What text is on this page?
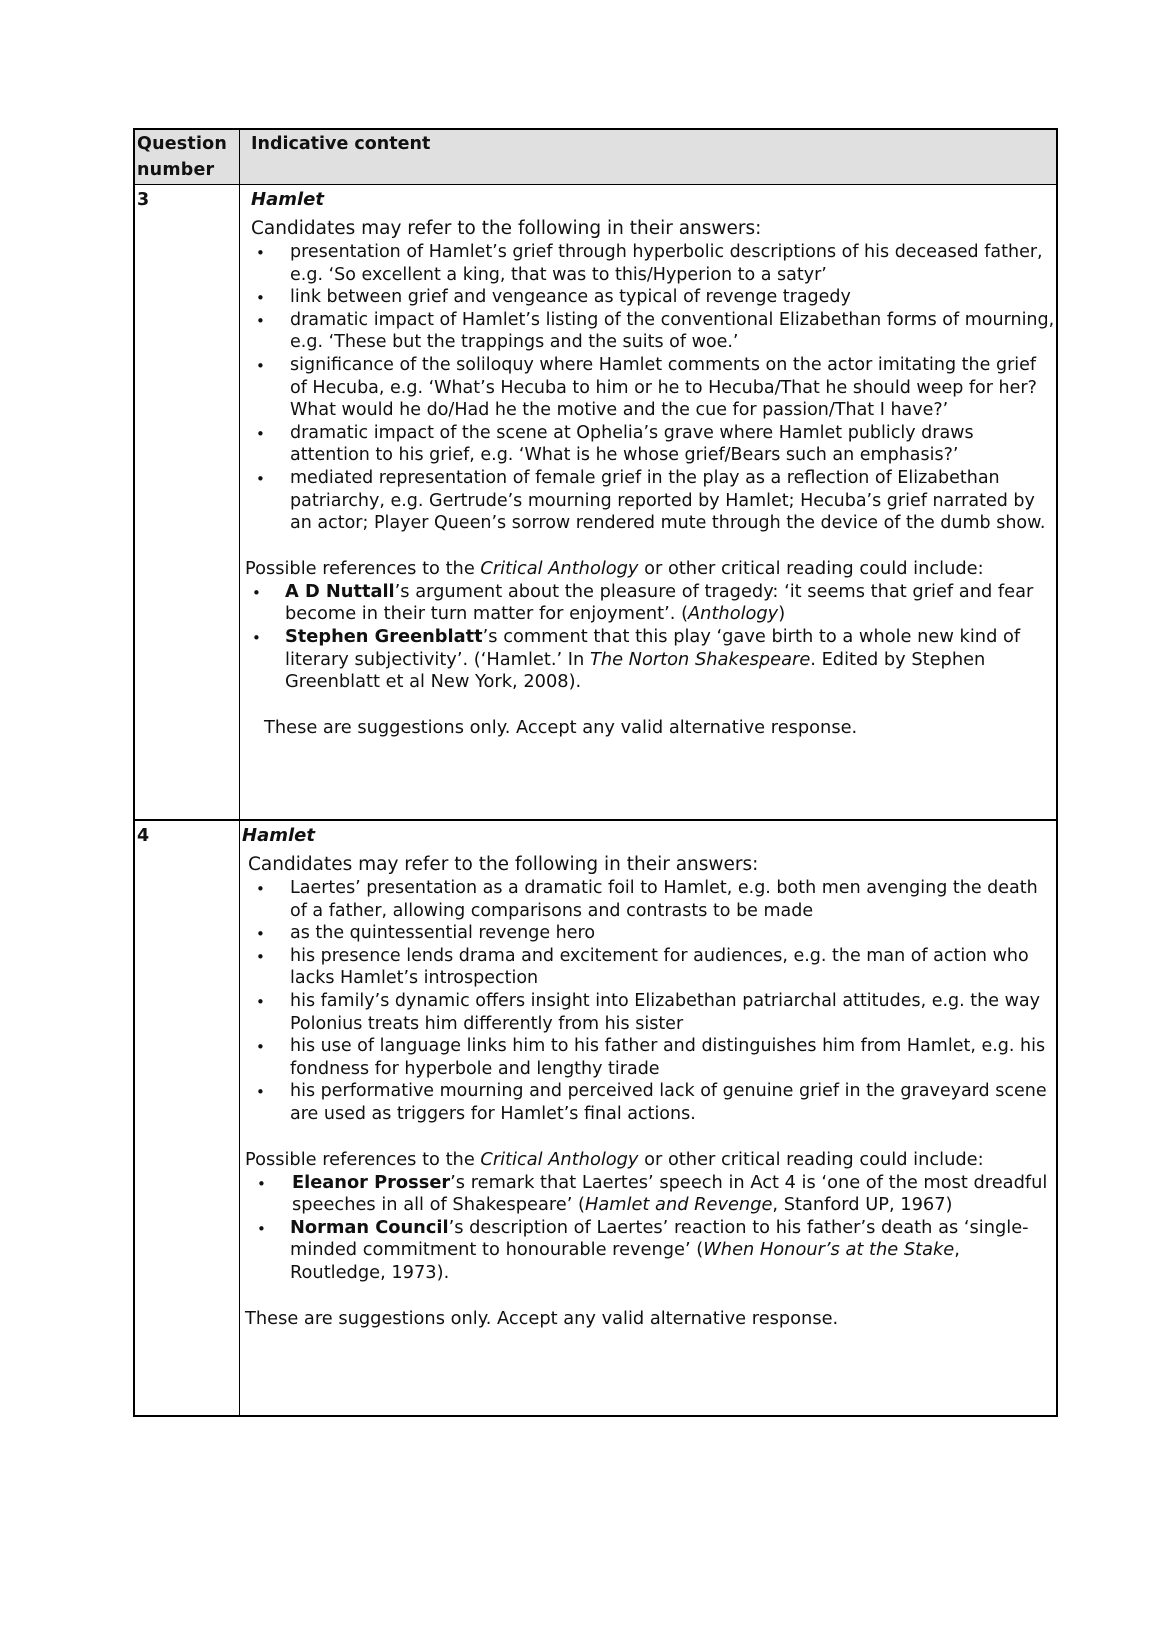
Question number
Indicative content
3	Hamlet
Candidates may refer to the following in their answers:
• presentation of Hamlet’s grief through hyperbolic descriptions of his deceased father, e.g. ‘So excellent a king, that was to this/Hyperion to a satyr’
• link between grief and vengeance as typical of revenge tragedy
• dramatic impact of Hamlet’s listing of the conventional Elizabethan forms of mourning, e.g. ‘These but the trappings and the suits of woe.’
• significance of the soliloquy where Hamlet comments on the actor imitating the grief of Hecuba, e.g. ‘What’s Hecuba to him or he to Hecuba/That he should weep for her? What would he do/Had he the motive and the cue for passion/That I have?’
• dramatic impact of the scene at Ophelia’s grave where Hamlet publicly draws attention to his grief, e.g. ‘What is he whose grief/Bears such an emphasis?’
• mediated representation of female grief in the play as a reflection of Elizabethan patriarchy, e.g. Gertrude’s mourning reported by Hamlet; Hecuba’s grief narrated by an actor; Player Queen’s sorrow rendered mute through the device of the dumb show.
Possible references to the Critical Anthology or other critical reading could include:
• A D Nuttall’s argument about the pleasure of tragedy: ‘it seems that grief and fear become in their turn matter for enjoyment’. (Anthology)
• Stephen Greenblatt’s comment that this play ‘gave birth to a whole new kind of literary subjectivity’. (‘Hamlet.’ In The Norton Shakespeare. Edited by Stephen Greenblatt et al New York, 2008).
These are suggestions only. Accept any valid alternative response.
4	Hamlet
Candidates may refer to the following in their answers:
• Laertes’ presentation as a dramatic foil to Hamlet, e.g. both men avenging the death of a father, allowing comparisons and contrasts to be made
• as the quintessential revenge hero
• his presence lends drama and excitement for audiences, e.g. the man of action who lacks Hamlet’s introspection
• his family’s dynamic offers insight into Elizabethan patriarchal attitudes, e.g. the way Polonius treats him differently from his sister
• his use of language links him to his father and distinguishes him from Hamlet, e.g. his fondness for hyperbole and lengthy tirade
• his performative mourning and perceived lack of genuine grief in the graveyard scene are used as triggers for Hamlet’s final actions.
Possible references to the Critical Anthology or other critical reading could include:
• Eleanor Prosser’s remark that Laertes’ speech in Act 4 is ‘one of the most dreadful speeches in all of Shakespeare’ (Hamlet and Revenge, Stanford UP, 1967)
• Norman Council’s description of Laertes’ reaction to his father’s death as ‘single-minded commitment to honourable revenge’ (When Honour’s at the Stake, Routledge, 1973).
These are suggestions only. Accept any valid alternative response.
